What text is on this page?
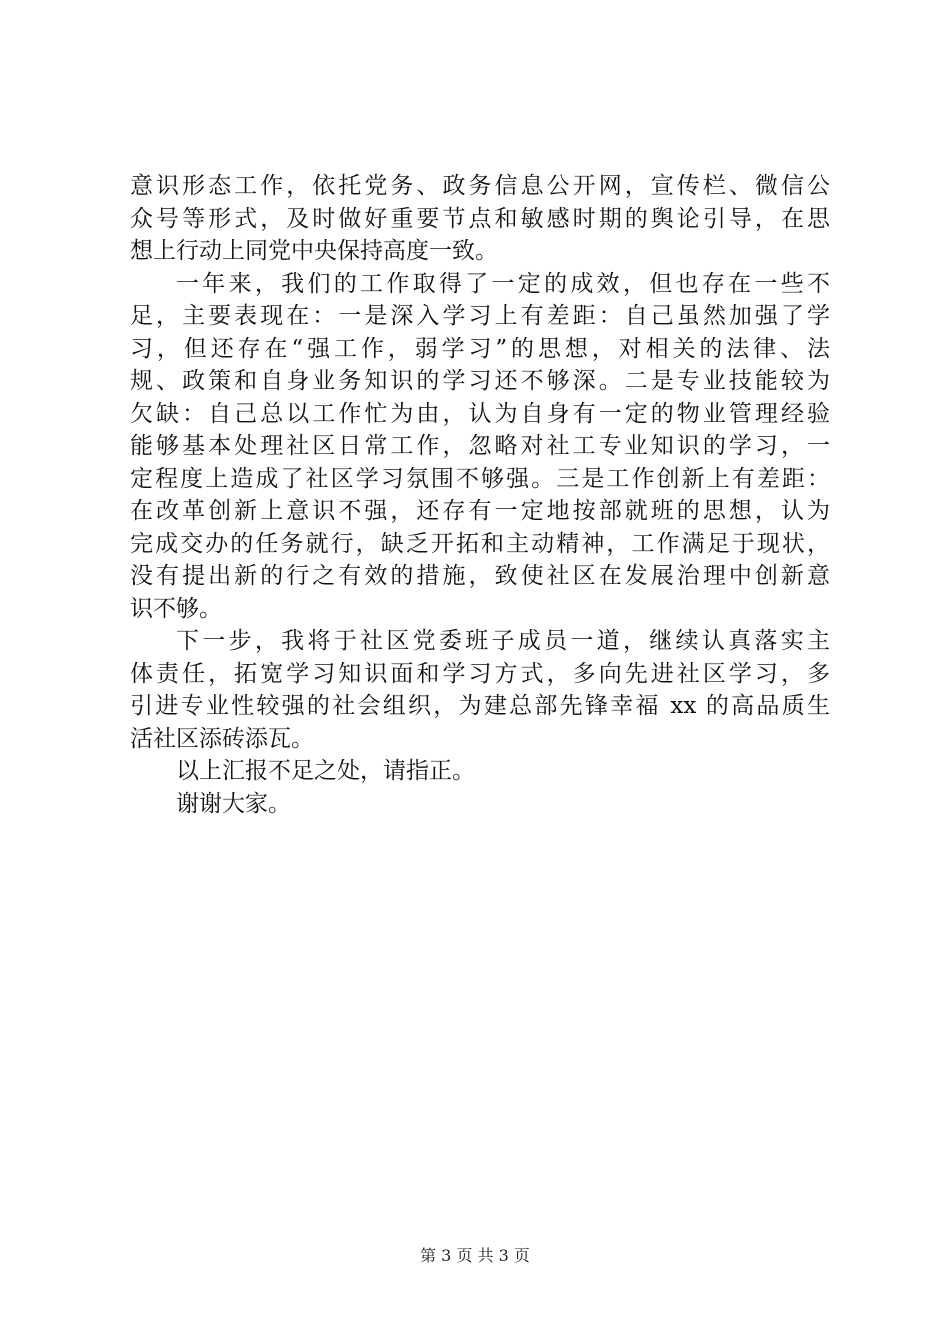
意识形态工作，依托党务、政务信息公开网，宣传栏、微信公
众号等形式，及时做好重要节点和敏感时期的舆论引导，在思
想上行动上同党中央保持高度一致。
一年来，我们的工作取得了一定的成效，但也存在一些不
足，主要表现在：一是深入学习上有差距：自己虽然加强了学
习，但还存在“强工作，弱学习”的思想，对相关的法律、法
规、政策和自身业务知识的学习还不够深。二是专业技能较为
欠缺：自己总以工作忙为由，认为自身有一定的物业管理经验
能够基本处理社区日常工作，忽略对社工专业知识的学习，一
定程度上造成了社区学习氛围不够强。三是工作创新上有差距：
在改革创新上意识不强，还存有一定地按部就班的思想，认为
完成交办的任务就行，缺乏开拓和主动精神，工作满足于现状，
没有提出新的行之有效的措施，致使社区在发展治理中创新意
识不够。
下一步，我将于社区党委班子成员一道，继续认真落实主
体责任，拓宽学习知识面和学习方式，多向先进社区学习，多
引进专业性较强的社会组织，为建总部先锋幸福 xx 的高品质生
活社区添砖添瓦。
以上汇报不足之处，请指正。
谢谢大家。
第 3 页 共 3 页
